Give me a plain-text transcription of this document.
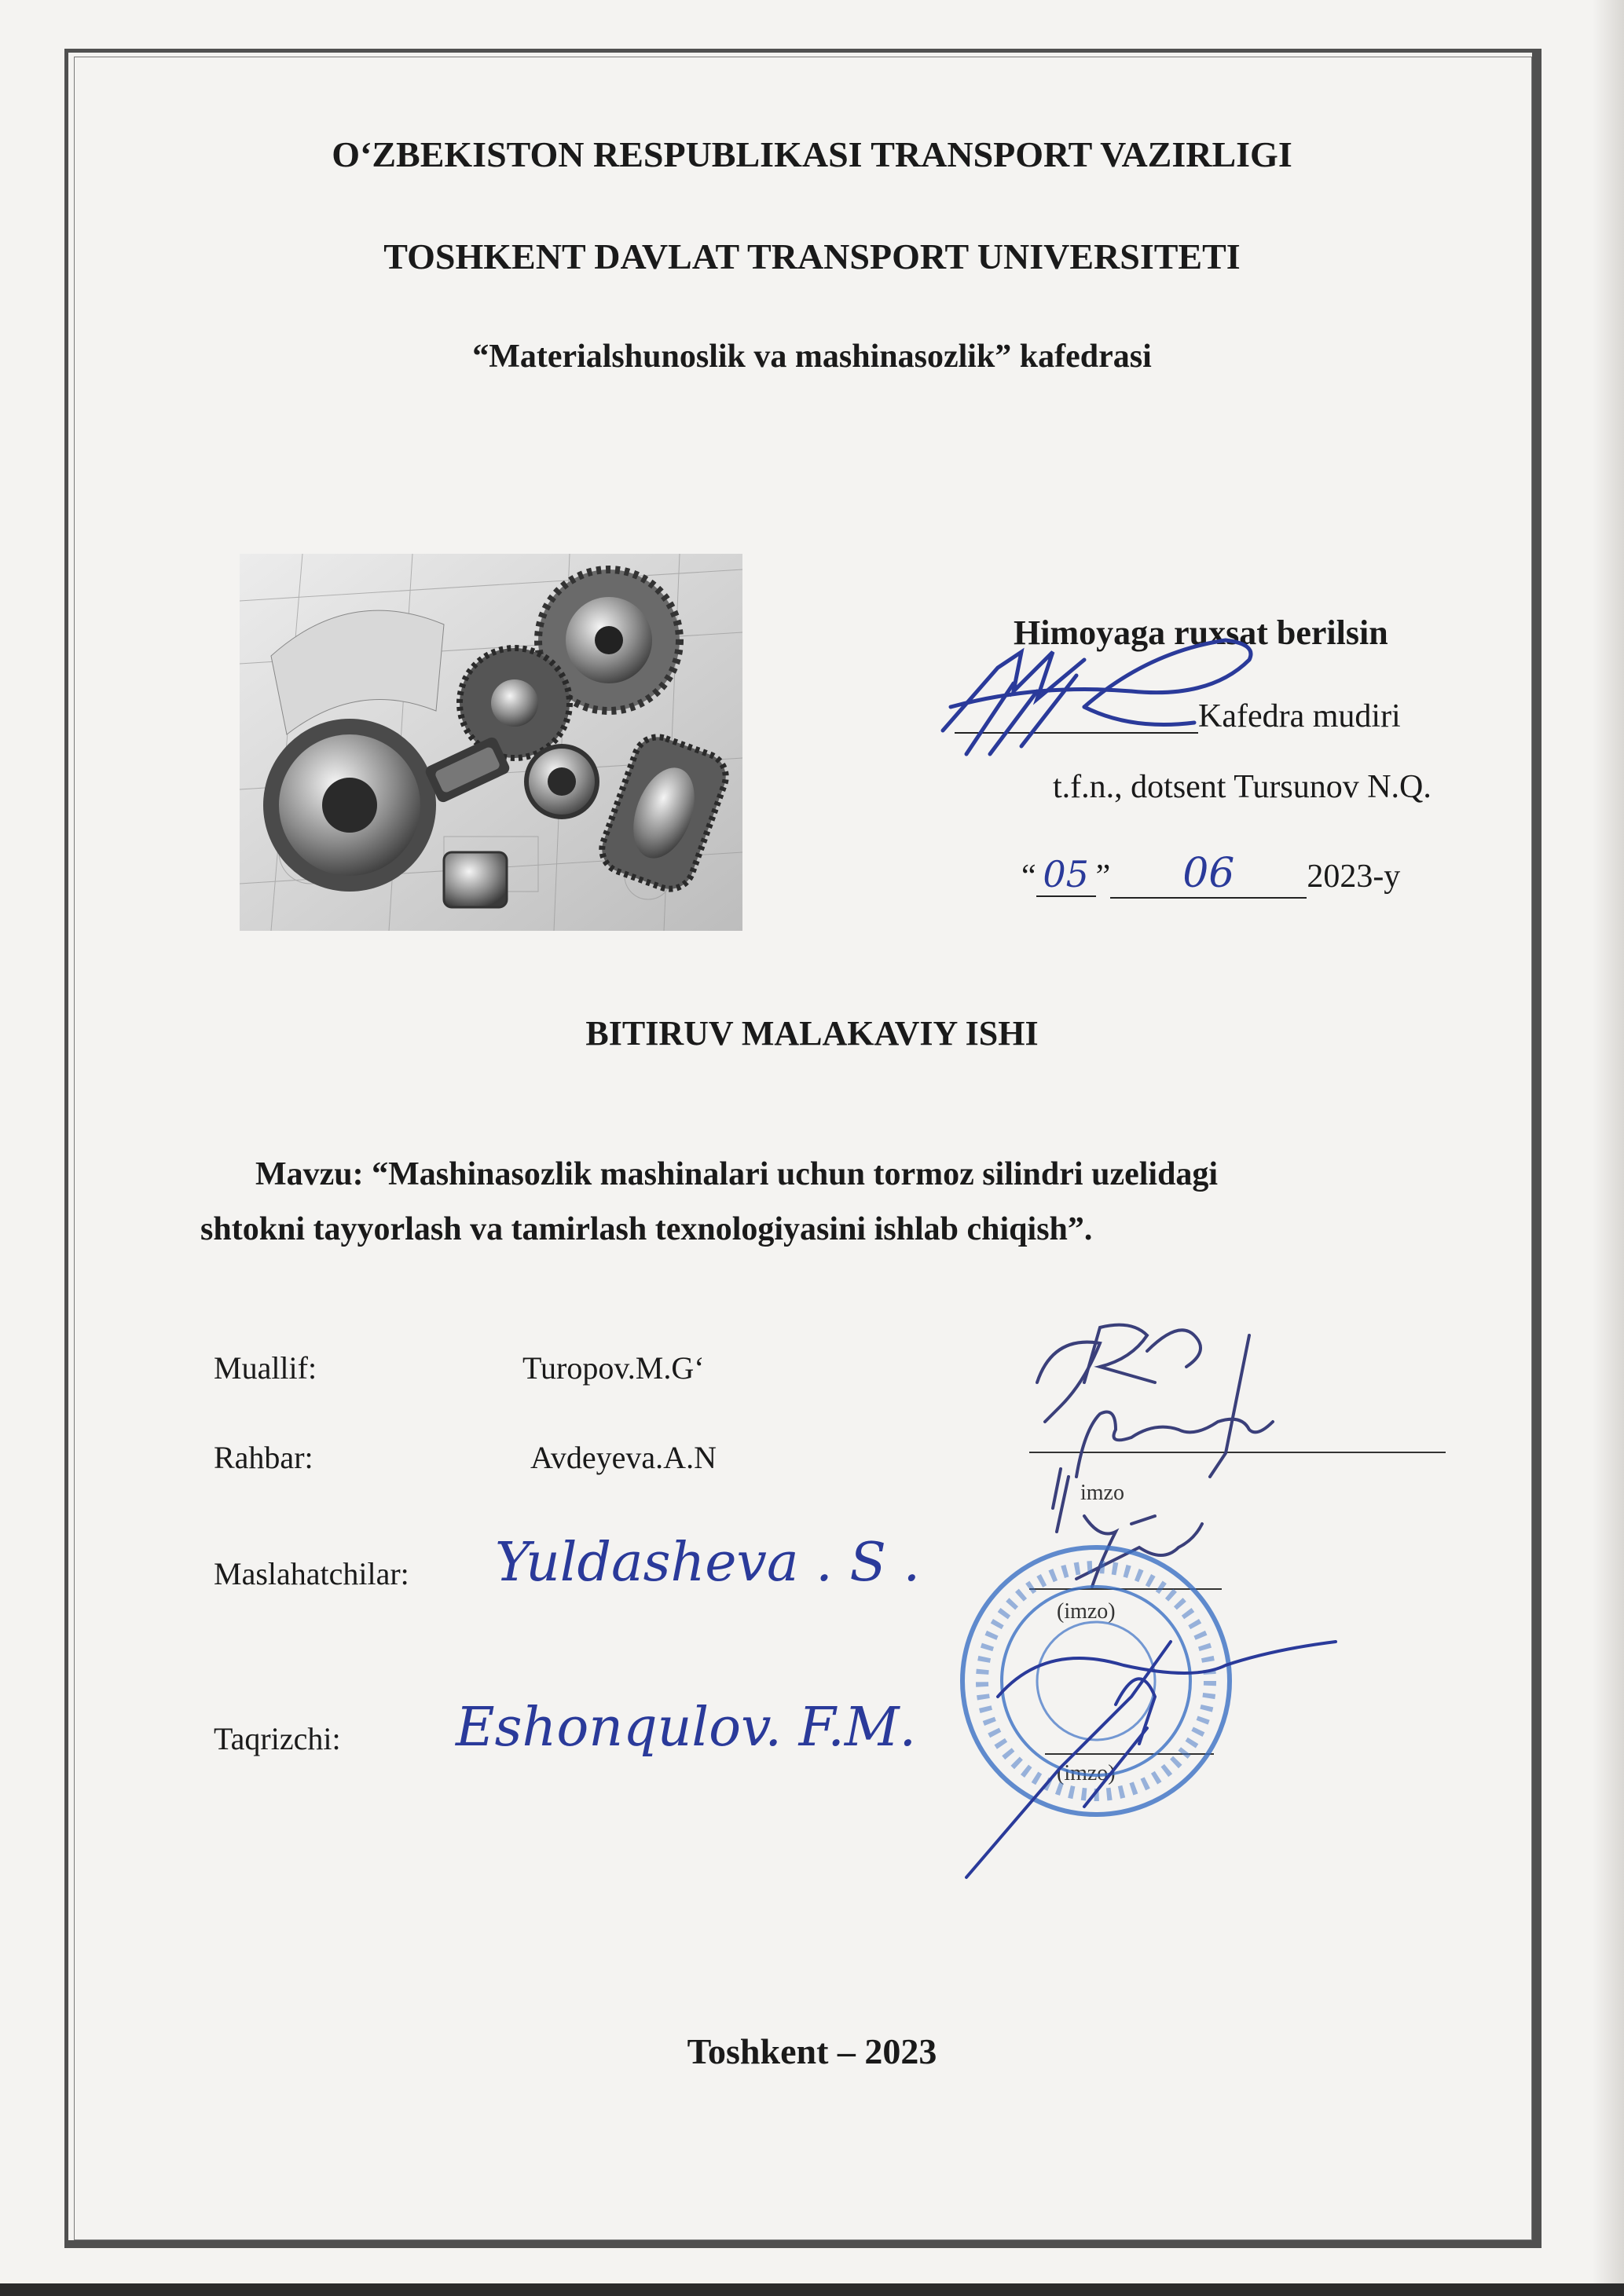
O‘ZBEKISTON RESPUBLIKASI TRANSPORT VAZIRLIGI
TOSHKENT DAVLAT TRANSPORT UNIVERSITETI
“Materialshunoslik va mashinasozlik” kafedrasi
Himoyaga ruxsat berilsin
Kafedra mudiri
t.f.n., dotsent Tursunov N.Q.
“ 05 ” 06 2023-y
BITIRUV MALAKAVIY ISHI
Mavzu: “Mashinasozlik mashinalari uchun tormoz silindri uzelidagi
shtokni tayyorlash va tamirlash texnologiyasini ishlab chiqish”.
Muallif:	Turopov.M.G‘
Rahbar:	Avdeyeva.A.N
Maslahatchilar: Yuldasheva . S .
Taqrizchi: Eshonqulov. F.M.
imzo
(imzo)
(imzo)
Toshkent – 2023
